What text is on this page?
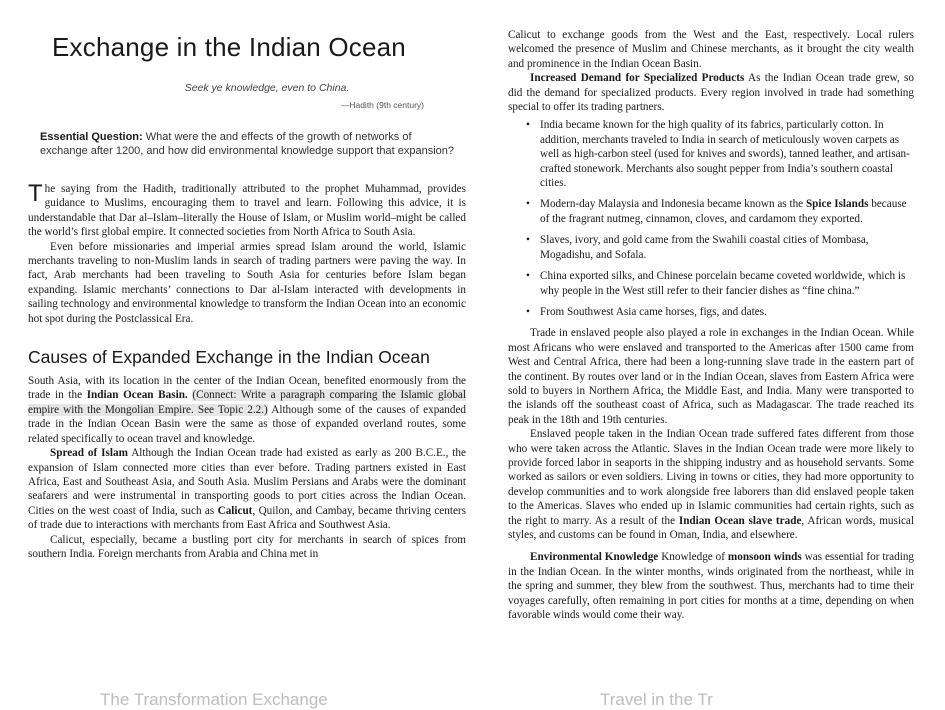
Exchange in the Indian Ocean

Seek ye knowledge, even to China.

—Hadith (9th century)

Essential Question: What were the and effects of the growth of networks of exchange after 1200, and how did environmental knowledge support that expansion?

The saying from the Hadith, traditionally attributed to the prophet Muhammad, provides guidance to Muslims, encouraging them to travel and learn. Following this advice, it is understandable that Dar al–Islam–literally the House of Islam, or Muslim world–might be called the world’s first global empire. It connected societies from North Africa to South Asia.

Even before missionaries and imperial armies spread Islam around the world, Islamic merchants traveling to non-Muslim lands in search of trading partners were paving the way. In fact, Arab merchants had been traveling to South Asia for centuries before Islam began expanding. Islamic merchants’ connections to Dar al-Islam interacted with developments in sailing technology and environmental knowledge to transform the Indian Ocean into an economic hot spot during the Postclassical Era.

Causes of Expanded Exchange in the Indian Ocean

South Asia, with its location in the center of the Indian Ocean, benefited enormously from the trade in the Indian Ocean Basin. (Connect: Write a paragraph comparing the Islamic global empire with the Mongolian Empire. See Topic 2.2.) Although some of the causes of expanded trade in the Indian Ocean Basin were the same as those of expanded overland routes, some related specifically to ocean travel and knowledge.

Spread of Islam Although the Indian Ocean trade had existed as early as 200 B.C.E., the expansion of Islam connected more cities than ever before. Trading partners existed in East Africa, East and Southeast Asia, and South Asia. Muslim Persians and Arabs were the dominant seafarers and were instrumental in transporting goods to port cities across the Indian Ocean. Cities on the west coast of India, such as Calicut, Quilon, and Cambay, became thriving centers of trade due to interactions with merchants from East Africa and Southwest Asia.

Calicut, especially, became a bustling port city for merchants in search of spices from southern India. Foreign merchants from Arabia and China met in

The Transformation Exchange

Calicut to exchange goods from the West and the East, respectively. Local rulers welcomed the presence of Muslim and Chinese merchants, as it brought the city wealth and prominence in the Indian Ocean Basin.

Increased Demand for Specialized Products As the Indian Ocean trade grew, so did the demand for specialized products. Every region involved in trade had something special to offer its trading partners.

• India became known for the high quality of its fabrics, particularly cotton. In addition, merchants traveled to India in search of meticulously woven carpets as well as high-carbon steel (used for knives and swords), tanned leather, and artisan-crafted stonework. Merchants also sought pepper from India’s southern coastal cities.
• Modern-day Malaysia and Indonesia became known as the Spice Islands because of the fragrant nutmeg, cinnamon, cloves, and cardamom they exported.
• Slaves, ivory, and gold came from the Swahili coastal cities of Mombasa, Mogadishu, and Sofala.
• China exported silks, and Chinese porcelain became coveted worldwide, which is why people in the West still refer to their fancier dishes as “fine china.”
• From Southwest Asia came horses, figs, and dates.

Trade in enslaved people also played a role in exchanges in the Indian Ocean. While most Africans who were enslaved and transported to the Americas after 1500 came from West and Central Africa, there had been a long-running slave trade in the eastern part of the continent. By routes over land or in the Indian Ocean, slaves from Eastern Africa were sold to buyers in Northern Africa, the Middle East, and India. Many were transported to the islands off the southeast coast of Africa, such as Madagascar. The trade reached its peak in the 18th and 19th centuries.

Enslaved people taken in the Indian Ocean trade suffered fates different from those who were taken across the Atlantic. Slaves in the Indian Ocean trade were more likely to provide forced labor in seaports in the shipping industry and as household servants. Some worked as sailors or even soldiers. Living in towns or cities, they had more opportunity to develop communities and to work alongside free laborers than did enslaved people taken to the Americas. Slaves who ended up in Islamic communities had certain rights, such as the right to marry. As a result of the Indian Ocean slave trade, African words, musical styles, and customs can be found in Oman, India, and elsewhere.

Environmental Knowledge Knowledge of monsoon winds was essential for trading in the Indian Ocean. In the winter months, winds originated from the northeast, while in the spring and summer, they blew from the southwest. Thus, merchants had to time their voyages carefully, often remaining in port cities for months at a time, depending on when favorable winds would come their way.

Travel in the Tr
